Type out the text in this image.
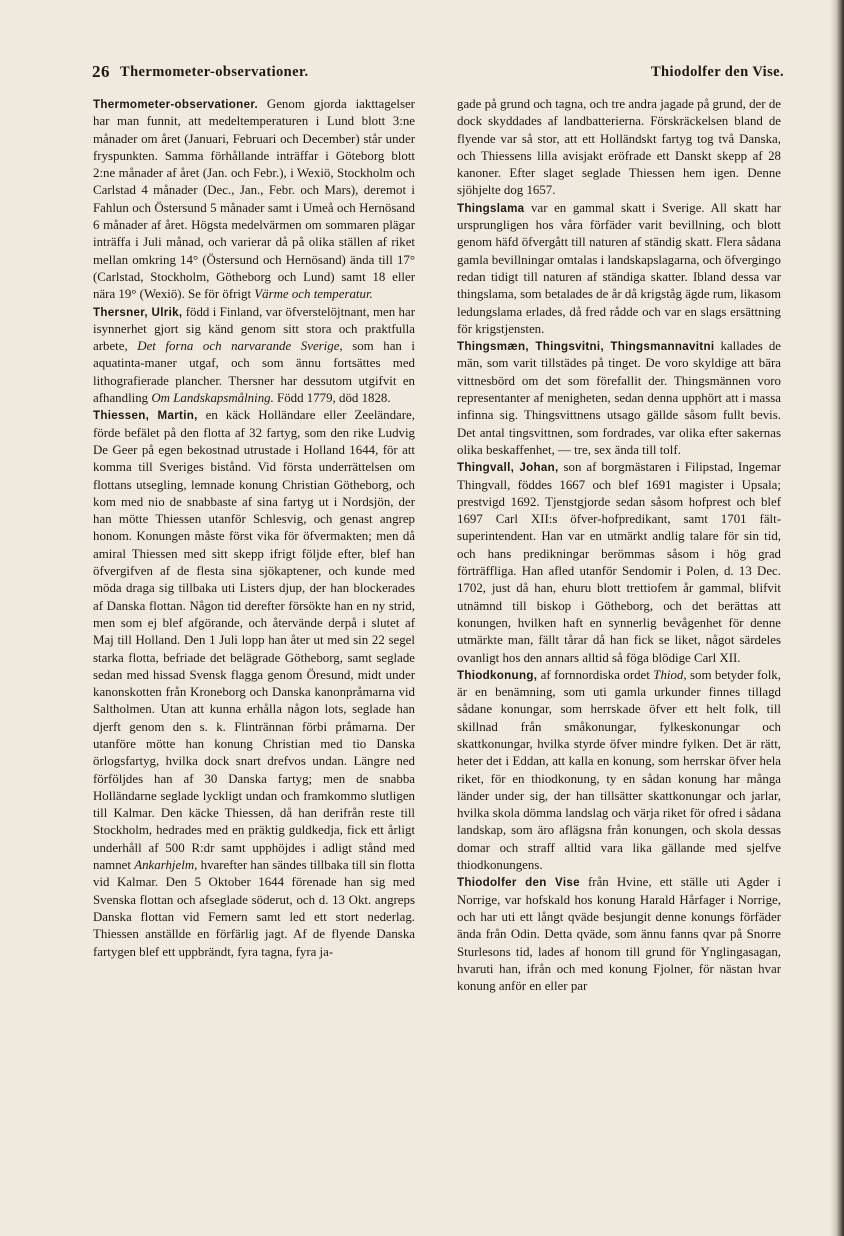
26 Thermometer-observationer.	Thiodolfer den Vise.

Thermometer-observationer. Genom gjorda iakttagelser har man funnit, att medeltemperaturen i Lund blott 3:ne månader om året (Januari, Februari och December) står under fryspunkten. Samma förhållande inträffar i Göteborg blott 2:ne månader af året (Jan. och Febr.), i Wexiö, Stockholm och Carlstad 4 månader (Dec., Jan., Febr. och Mars), deremot i Fahlun och Östersund 5 månader samt i Umeå och Hernösand 6 månader af året. Högsta medelvärmen om sommaren plägar inträffa i Juli månad, och varierar då på olika ställen af riket mellan omkring 14° (Östersund och Hernösand) ända till 17° (Carlstad, Stockholm, Götheborg och Lund) samt 18 eller nära 19° (Wexiö). Se för öfrigt Värme och temperatur.

Thersner, Ulrik, född i Finland, var öfverstelöjtnant, men har isynnerhet gjort sig känd genom sitt stora och praktfulla arbete, Det forna och narvarande Sverige, som han i aquatinta-maner utgaf, och som ännu fortsättes med lithografierade plancher. Thersner har dessutom utgifvit en afhandling Om Landskapsmålning. Född 1779, död 1828.

Thiessen, Martin, en käck Holländare eller Zeeländare, förde befälet på den flotta af 32 fartyg, som den rike Ludvig De Geer på egen bekostnad utrustade i Holland 1644, för att komma till Sveriges bistånd. Vid första underrättelsen om flottans utsegling, lemnade konung Christian Götheborg, och kom med nio de snabbaste af sina fartyg ut i Nordsjön, der han mötte Thiessen utanför Schlesvig, och genast angrep honom. Konungen måste först vika för öfvermakten; men då amiral Thiessen med sitt skepp ifrigt följde efter, blef han öfvergifven af de flesta sina sjökaptener, och kunde med möda draga sig tillbaka uti Listers djup, der han blockerades af Danska flottan. Någon tid derefter försökte han en ny strid, men som ej blef afgörande, och återvände derpå i slutet af Maj till Holland. Den 1 Juli lopp han åter ut med sin 22 segel starka flotta, befriade det belägrade Götheborg, samt seglade sedan med hissad Svensk flagga genom Öresund, midt under kanonskotten från Kroneborg och Danska kanonpråmarna vid Saltholmen. Utan att kunna erhålla någon lots, seglade han djerft genom den s. k. Flintrännan förbi pråmarna. Der utanföre mötte han konung Christian med tio Danska örlogsfartyg, hvilka dock snart drefvos undan. Längre ned förföljdes han af 30 Danska fartyg; men de snabba Holländarne seglade lyckligt undan och framkommo slutligen till Kalmar. Den käcke Thiessen, då han derifrån reste till Stockholm, hedrades med en präktig guldkedja, fick ett årligt underhåll af 500 R:dr samt upphöjdes i adligt stånd med namnet Ankarhjelm, hvarefter han sändes tillbaka till sin flotta vid Kalmar. Den 5 Oktober 1644 förenade han sig med Svenska flottan och afseglade söderut, och d. 13 Okt. angreps Danska flottan vid Femern samt led ett stort nederlag. Thiessen anställde en förfärlig jagt. Af de flyende Danska fartygen blef ett uppbrändt, fyra tagna, fyra ja-

gade på grund och tagna, och tre andra jagade på grund, der de dock skyddades af landbatterierna. Förskräckelsen bland de flyende var så stor, att ett Holländskt fartyg tog två Danska, och Thiessens lilla avisjakt eröfrade ett Danskt skepp af 28 kanoner. Efter slaget seglade Thiessen hem igen. Denne sjöhjelte dog 1657.

Thingslama var en gammal skatt i Sverige. All skatt har ursprungligen hos våra förfäder varit bevillning, och blott genom häfd öfvergått till naturen af ständig skatt. Flera sådana gamla bevillningar omtalas i landskapslagarna, och öfvergingo redan tidigt till naturen af ständiga skatter. Ibland dessa var thingslama, som betalades de år då krigståg ägde rum, likasom ledungslama erlades, då fred rådde och var en slags ersättning för krigstjensten.

Thingsmæn, Thingsvitni, Thingsmannavitni kallades de män, som varit tillstädes på tinget. De voro skyldige att bära vittnesbörd om det som förefallit der. Thingsmännen voro representanter af menigheten, sedan denna upphört att i massa infinna sig. Thingsvittnens utsago gällde såsom fullt bevis. Det antal tingsvittnen, som fordrades, var olika efter sakernas olika beskaffenhet, — tre, sex ända till tolf.

Thingvall, Johan, son af borgmästaren i Filipstad, Ingemar Thingvall, föddes 1667 och blef 1691 magister i Upsala; prestvigd 1692. Tjenstgjorde sedan såsom hofprest och blef 1697 Carl XII:s öfver-hofpredikant, samt 1701 fält-superintendent. Han var en utmärkt andlig talare för sin tid, och hans predikningar berömmas såsom i hög grad förträffliga. Han afled utanför Sendomir i Polen, d. 13 Dec. 1702, just då han, ehuru blott trettiofem år gammal, blifvit utnämnd till biskop i Götheborg, och det berättas att konungen, hvilken haft en synnerlig bevågenhet för denne utmärkte man, fällt tårar då han fick se liket, något särdeles ovanligt hos den annars alltid så föga blödige Carl XII.

Thiodkonung, af fornnordiska ordet Thiod, som betyder folk, är en benämning, som uti gamla urkunder finnes tillagd sådane konungar, som herrskade öfver ett helt folk, till skillnad från småkonungar, fylkeskonungar och skattkonungar, hvilka styrde öfver mindre fylken. Det är rätt, heter det i Eddan, att kalla en konung, som herrskar öfver hela riket, för en thiodkonung, ty en sådan konung har många länder under sig, der han tillsätter skattkonungar och jarlar, hvilka skola dömma landslag och värja riket för ofred i sådana landskap, som äro aflägsna från konungen, och skola dessas domar och straff alltid vara lika gällande med sjelfve thiodkonungens.

Thiodolfer den Vise från Hvine, ett ställe uti Agder i Norrige, var hofskald hos konung Harald Hårfager i Norrige, och har uti ett långt qväde besjungit denne konungs förfäder ända från Odin. Detta qväde, som ännu fanns qvar på Snorre Sturlesons tid, lades af honom till grund för Ynglingasagan, hvaruti han, ifrån och med konung Fjolner, för nästan hvar konung anför en eller par
